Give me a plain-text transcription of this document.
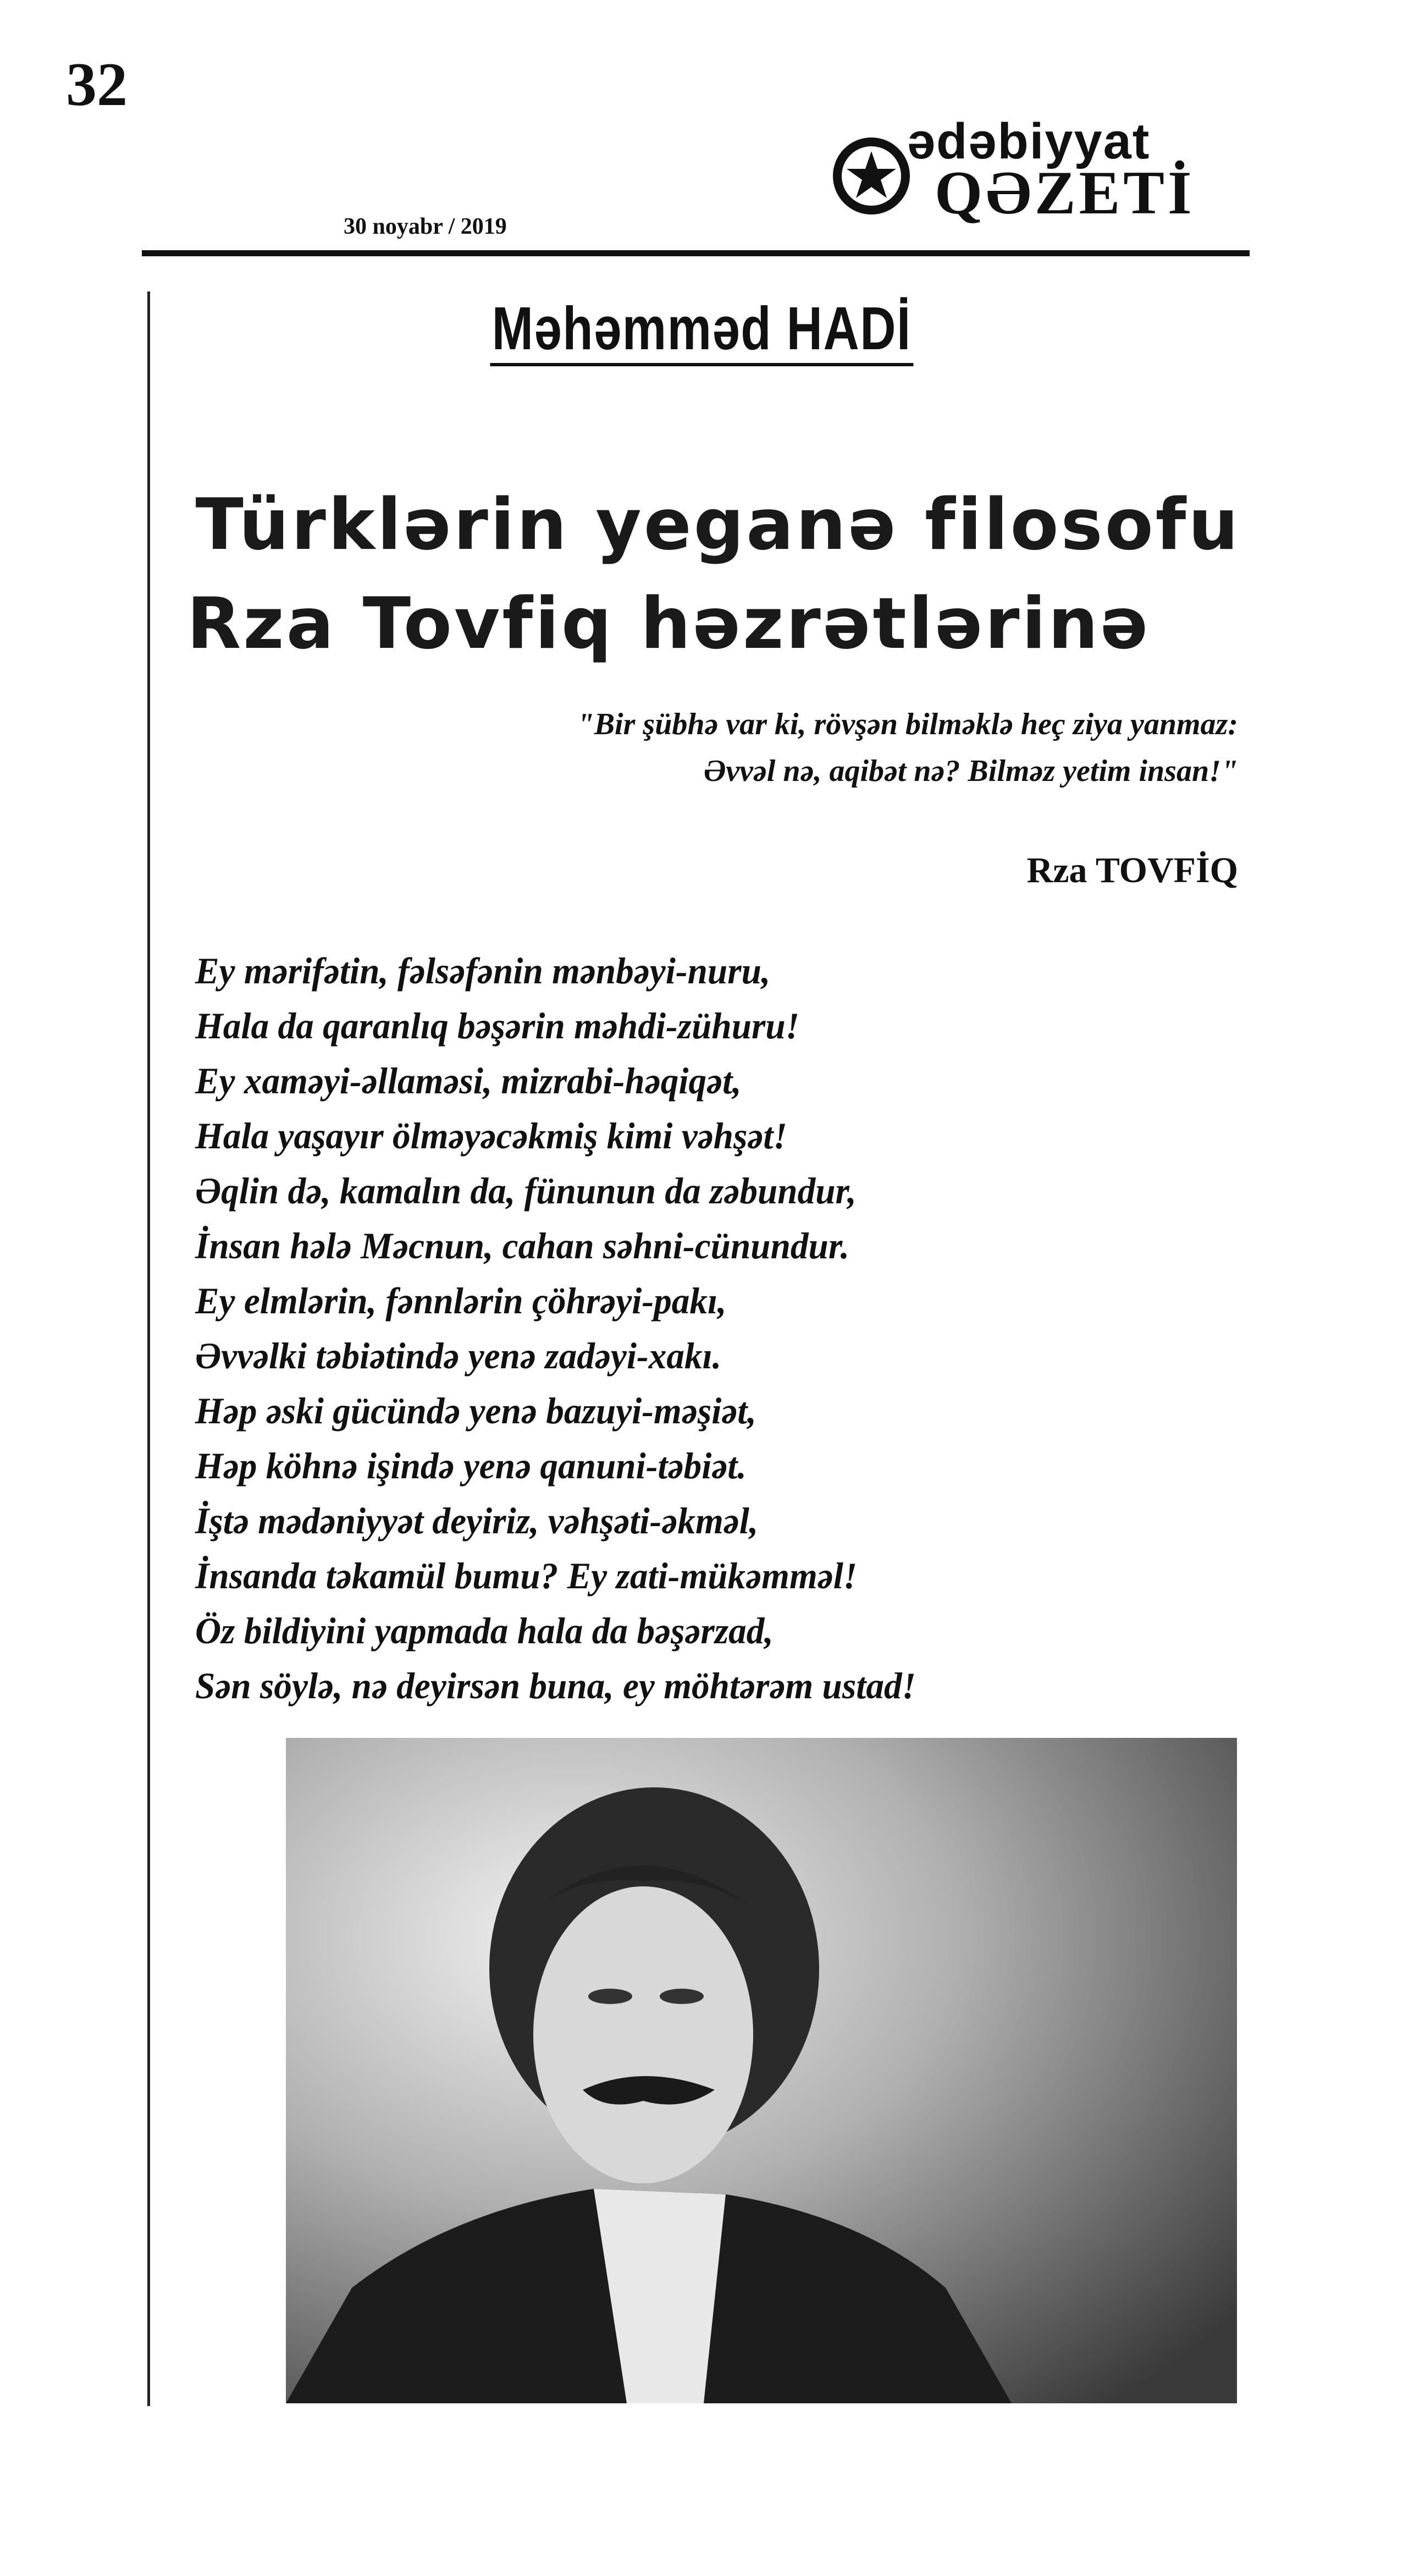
32
ədəbiyyat
QƏZETİ
30 noyabr / 2019
Məhəmməd HADİ
Türklərin yeganə filosofu
Rza Tovfiq həzrətlərinə
"Bir şübhə var ki, rövşən bilməklə heç ziya yanmaz:
Əvvəl nə, aqibət nə? Bilməz yetim insan!"
Rza TOVFİQ
Ey mərifətin, fəlsəfənin mənbəyi-nuru,
Hala da qaranlıq bəşərin məhdi-zühuru!
Ey xaməyi-əllaməsi, mizrabi-həqiqət,
Hala yaşayır ölməyəcəkmiş kimi vəhşət!
Əqlin də, kamalın da, fünunun da zəbundur,
İnsan hələ Məcnun, cahan səhni-cünundur.
Ey elmlərin, fənnlərin çöhrəyi-pakı,
Əvvəlki təbiətində yenə zadəyi-xakı.
Həp əski gücündə yenə bazuyi-məşiət,
Həp köhnə işində yenə qanuni-təbiət.
İştə mədəniyyət deyiriz, vəhşəti-əkməl,
İnsanda təkamül bumu? Ey zati-mükəmməl!
Öz bildiyini yapmada hala da bəşərzad,
Sən söylə, nə deyirsən buna, ey möhtərəm ustad!
